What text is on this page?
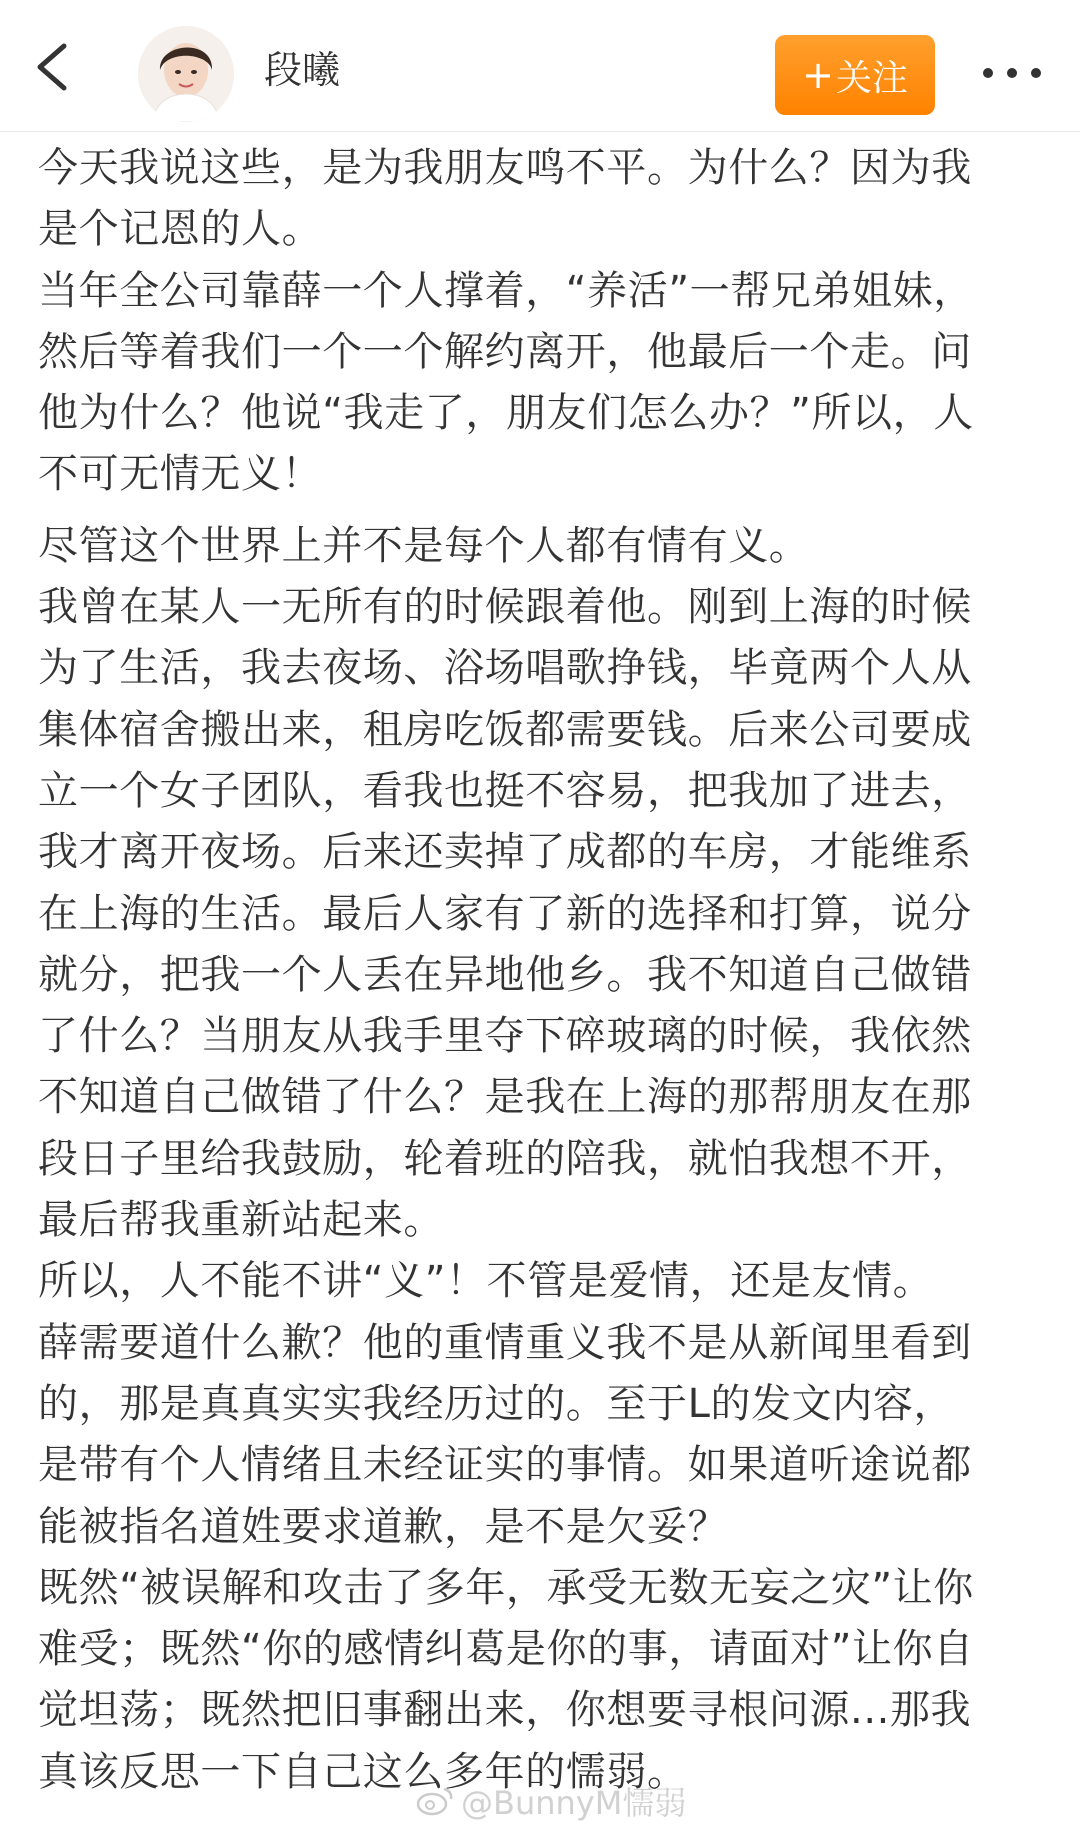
段曦	+ 关注
今天我说这些，是为我朋友鸣不平。为什么？因为我
是个记恩的人。
当年全公司靠薛一个人撑着，“养活”一帮兄弟姐妹，
然后等着我们一个一个解约离开，他最后一个走。问
他为什么？他说“我走了，朋友们怎么办？”所以，人
不可无情无义！
尽管这个世界上并不是每个人都有情有义。
我曾在某人一无所有的时候跟着他。刚到上海的时候
为了生活，我去夜场、浴场唱歌挣钱，毕竟两个人从
集体宿舍搬出来，租房吃饭都需要钱。后来公司要成
立一个女子团队，看我也挺不容易，把我加了进去，
我才离开夜场。后来还卖掉了成都的车房，才能维系
在上海的生活。最后人家有了新的选择和打算，说分
就分，把我一个人丢在异地他乡。我不知道自己做错
了什么？当朋友从我手里夺下碎玻璃的时候，我依然
不知道自己做错了什么？是我在上海的那帮朋友在那
段日子里给我鼓励，轮着班的陪我，就怕我想不开，
最后帮我重新站起来。
所以，人不能不讲“义”！不管是爱情，还是友情。
薛需要道什么歉？他的重情重义我不是从新闻里看到
的，那是真真实实我经历过的。至于L的发文内容，
是带有个人情绪且未经证实的事情。如果道听途说都
能被指名道姓要求道歉，是不是欠妥？
既然“被误解和攻击了多年，承受无数无妄之灾”让你
难受；既然“你的感情纠葛是你的事，请面对”让你自
觉坦荡；既然把旧事翻出来，你想要寻根问源...那我
真该反思一下自己这么多年的懦弱。
@BunnyM懦弱
